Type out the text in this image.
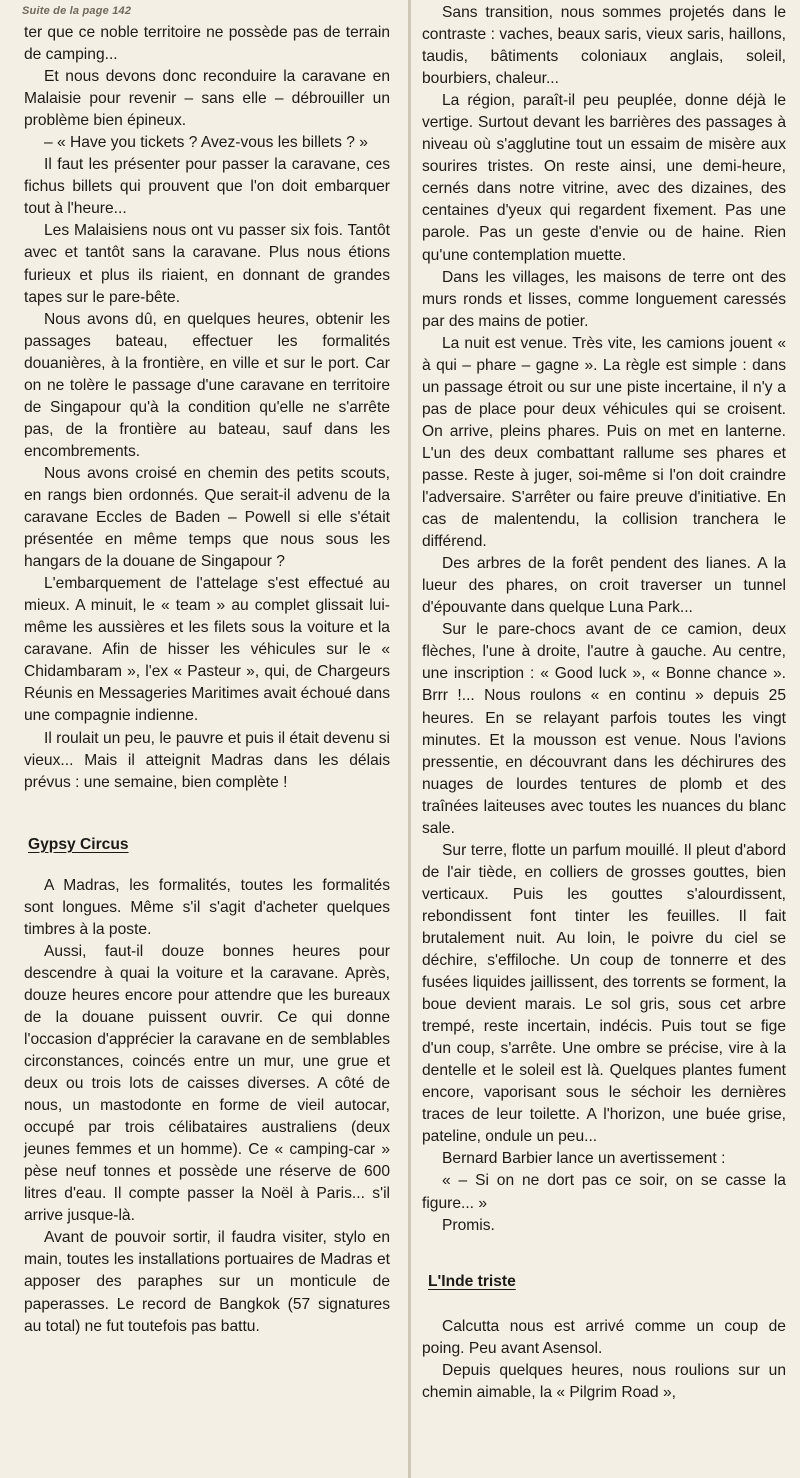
Suite de la page 142

ter que ce noble territoire ne possède pas de terrain de camping...

Et nous devons donc reconduire la caravane en Malaisie pour revenir – sans elle – débrouiller un problème bien épineux.

– « Have you tickets ? Avez-vous les billets ? »

Il faut les présenter pour passer la caravane, ces fichus billets qui prouvent que l'on doit embarquer tout à l'heure...

Les Malaisiens nous ont vu passer six fois. Tantôt avec et tantôt sans la caravane. Plus nous étions furieux et plus ils riaient, en donnant de grandes tapes sur le pare-bête.

Nous avons dû, en quelques heures, obtenir les passages bateau, effectuer les formalités douanières, à la frontière, en ville et sur le port. Car on ne tolère le passage d'une caravane en territoire de Singapour qu'à la condition qu'elle ne s'arrête pas, de la frontière au bateau, sauf dans les encombrements.

Nous avons croisé en chemin des petits scouts, en rangs bien ordonnés. Que serait-il advenu de la caravane Eccles de Baden – Powell si elle s'était présentée en même temps que nous sous les hangars de la douane de Singapour ?

L'embarquement de l'attelage s'est effectué au mieux. A minuit, le « team » au complet glissait lui-même les aussières et les filets sous la voiture et la caravane. Afin de hisser les véhicules sur le « Chidambaram », l'ex « Pasteur », qui, de Chargeurs Réunis en Messageries Maritimes avait échoué dans une compagnie indienne.

Il roulait un peu, le pauvre et puis il était devenu si vieux... Mais il atteignit Madras dans les délais prévus : une semaine, bien complète !

Gypsy Circus

A Madras, les formalités, toutes les formalités sont longues. Même s'il s'agit d'acheter quelques timbres à la poste.

Aussi, faut-il douze bonnes heures pour descendre à quai la voiture et la caravane. Après, douze heures encore pour attendre que les bureaux de la douane puissent ouvrir. Ce qui donne l'occasion d'apprécier la caravane en de semblables circonstances, coincés entre un mur, une grue et deux ou trois lots de caisses diverses. A côté de nous, un mastodonte en forme de vieil autocar, occupé par trois célibataires australiens (deux jeunes femmes et un homme). Ce « camping-car » pèse neuf tonnes et possède une réserve de 600 litres d'eau. Il compte passer la Noël à Paris... s'il arrive jusque-là.

Avant de pouvoir sortir, il faudra visiter, stylo en main, toutes les installations portuaires de Madras et apposer des paraphes sur un monticule de paperasses. Le record de Bangkok (57 signatures au total) ne fut toutefois pas battu.

Sans transition, nous sommes projetés dans le contraste : vaches, beaux saris, vieux saris, haillons, taudis, bâtiments coloniaux anglais, soleil, bourbiers, chaleur...

La région, paraît-il peu peuplée, donne déjà le vertige. Surtout devant les barrières des passages à niveau où s'agglutine tout un essaim de misère aux sourires tristes. On reste ainsi, une demi-heure, cernés dans notre vitrine, avec des dizaines, des centaines d'yeux qui regardent fixement. Pas une parole. Pas un geste d'envie ou de haine. Rien qu'une contemplation muette.

Dans les villages, les maisons de terre ont des murs ronds et lisses, comme longuement caressés par des mains de potier.

La nuit est venue. Très vite, les camions jouent « à qui – phare – gagne ». La règle est simple : dans un passage étroit ou sur une piste incertaine, il n'y a pas de place pour deux véhicules qui se croisent. On arrive, pleins phares. Puis on met en lanterne. L'un des deux combattant rallume ses phares et passe. Reste à juger, soi-même si l'on doit craindre l'adversaire. S'arrêter ou faire preuve d'initiative. En cas de malentendu, la collision tranchera le différend.

Des arbres de la forêt pendent des lianes. A la lueur des phares, on croit traverser un tunnel d'épouvante dans quelque Luna Park...

Sur le pare-chocs avant de ce camion, deux flèches, l'une à droite, l'autre à gauche. Au centre, une inscription : « Good luck », « Bonne chance ». Brrr !... Nous roulons « en continu » depuis 25 heures. En se relayant parfois toutes les vingt minutes. Et la mousson est venue. Nous l'avions pressentie, en découvrant dans les déchirures des nuages de lourdes tentures de plomb et des traînées laiteuses avec toutes les nuances du blanc sale.

Sur terre, flotte un parfum mouillé. Il pleut d'abord de l'air tiède, en colliers de grosses gouttes, bien verticaux. Puis les gouttes s'alourdissent, rebondissent font tinter les feuilles. Il fait brutalement nuit. Au loin, le poivre du ciel se déchire, s'effiloche. Un coup de tonnerre et des fusées liquides jaillissent, des torrents se forment, la boue devient marais. Le sol gris, sous cet arbre trempé, reste incertain, indécis. Puis tout se fige d'un coup, s'arrête. Une ombre se précise, vire à la dentelle et le soleil est là. Quelques plantes fument encore, vaporisant sous le séchoir les dernières traces de leur toilette. A l'horizon, une buée grise, pateline, ondule un peu...

Bernard Barbier lance un avertissement :

« – Si on ne dort pas ce soir, on se casse la figure... »

Promis.

L'Inde triste

Calcutta nous est arrivé comme un coup de poing. Peu avant Asensol.

Depuis quelques heures, nous roulions sur un chemin aimable, la « Pilgrim Road »,
